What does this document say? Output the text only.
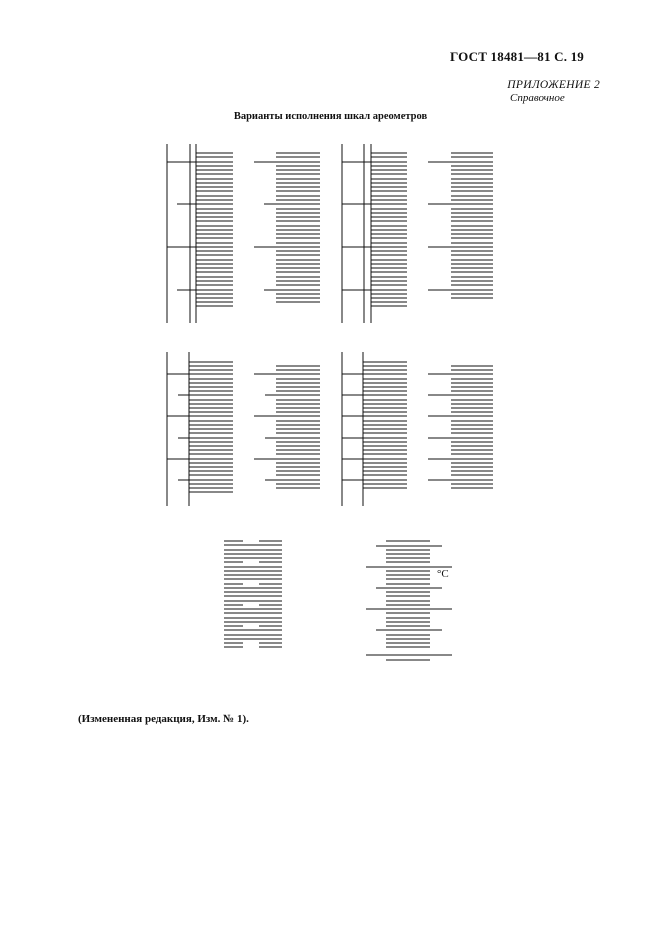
ГОСТ 18481—81 С. 19
ПРИЛОЖЕНИЕ 2
Справочное
Варианты исполнения шкал ареометров
°C
(Измененная редакция, Изм. № 1).
